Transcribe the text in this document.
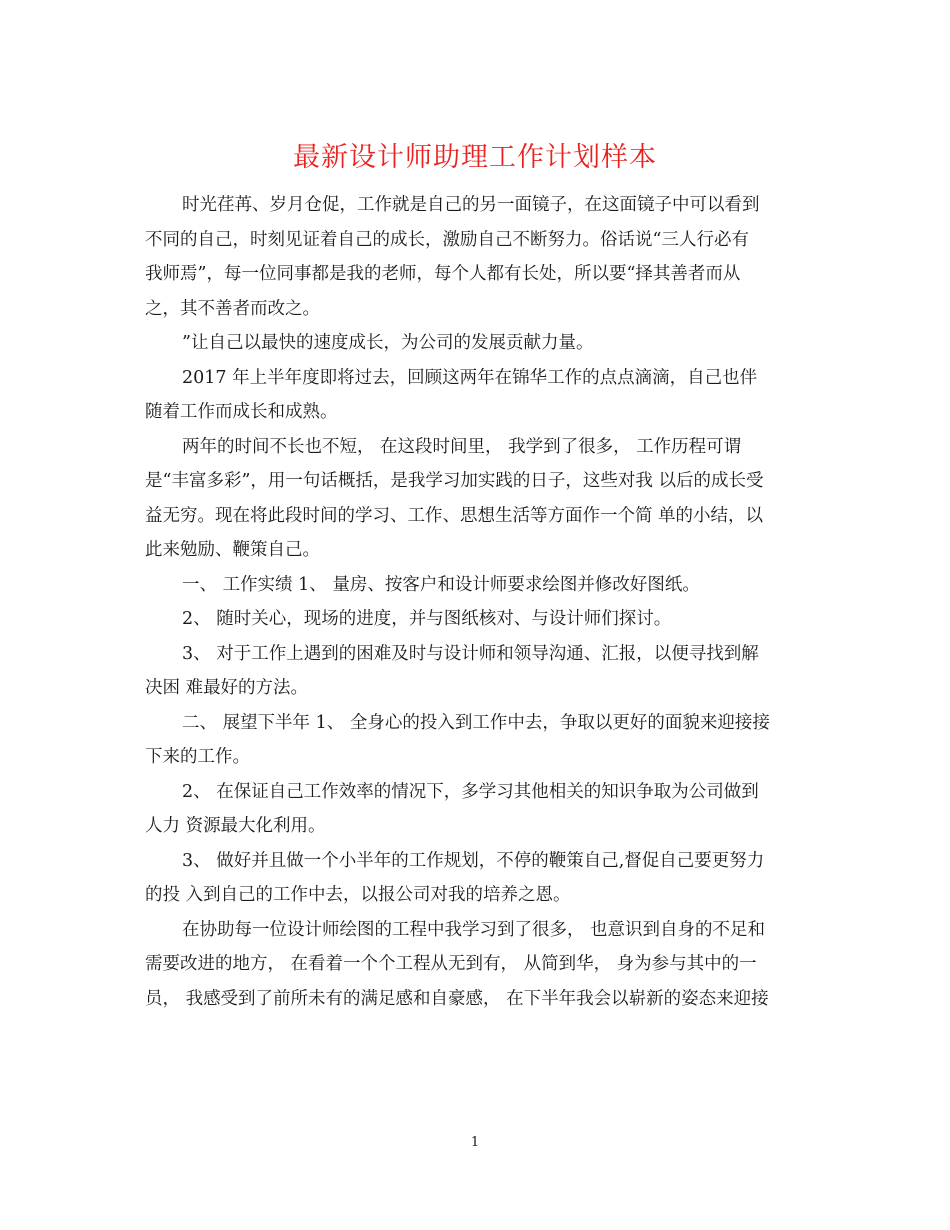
最新设计师助理工作计划样本

时光荏苒、岁月仓促，工作就是自己的另一面镜子，在这面镜子中可以看到
不同的自己，时刻见证着自己的成长，激励自己不断努力。俗话说“三人行必有
我师焉”，每一位同事都是我的老师，每个人都有长处，所以要“择其善者而从
之，其不善者而改之。

”让自己以最快的速度成长，为公司的发展贡献力量。

2017 年上半年度即将过去，回顾这两年在锦华工作的点点滴滴，自己也伴
随着工作而成长和成熟。

两年的时间不长也不短， 在这段时间里， 我学到了很多， 工作历程可谓
是“丰富多彩”，用一句话概括，是我学习加实践的日子，这些对我 以后的成长受
益无穷。现在将此段时间的学习、工作、思想生活等方面作一个简 单的小结，以
此来勉励、鞭策自己。

一、 工作实绩 1、 量房、按客户和设计师要求绘图并修改好图纸。

2、 随时关心，现场的进度，并与图纸核对、与设计师们探讨。

3、 对于工作上遇到的困难及时与设计师和领导沟通、汇报，以便寻找到解
决困 难最好的方法。

二、 展望下半年 1、 全身心的投入到工作中去，争取以更好的面貌来迎接接
下来的工作。

2、 在保证自己工作效率的情况下，多学习其他相关的知识争取为公司做到
人力 资源最大化利用。

3、 做好并且做一个小半年的工作规划，不停的鞭策自己,督促自己要更努力
的投 入到自己的工作中去，以报公司对我的培养之恩。

在协助每一位设计师绘图的工程中我学习到了很多， 也意识到自身的不足和
需要改进的地方， 在看着一个个工程从无到有， 从简到华， 身为参与其中的一
员， 我感受到了前所未有的满足感和自豪感， 在下半年我会以崭新的姿态来迎接

1
